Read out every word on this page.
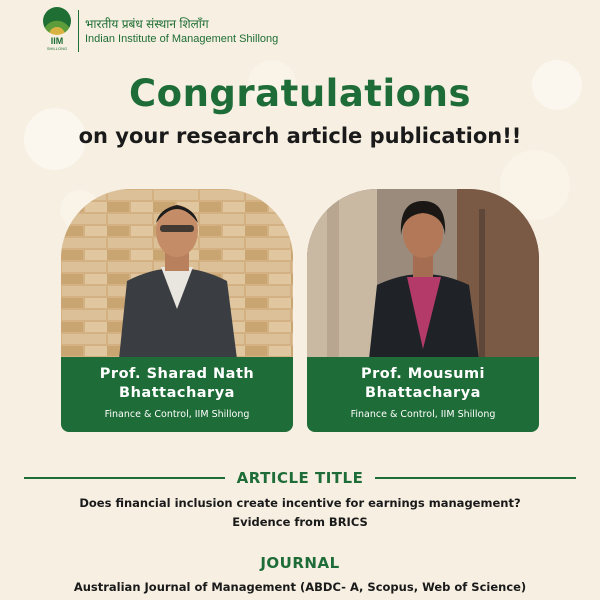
IIM
SHILLONG
भारतीय प्रबंध संस्थान शिलाँग
Indian Institute of Management Shillong
Congratulations
on your research article publication!!
Prof. Sharad Nath
Bhattacharya
Finance & Control, IIM Shillong
Prof. Mousumi
Bhattacharya
Finance & Control, IIM Shillong
ARTICLE TITLE
Does financial inclusion create incentive for earnings management?
Evidence from BRICS
JOURNAL
Australian Journal of Management (ABDC- A, Scopus, Web of Science)
